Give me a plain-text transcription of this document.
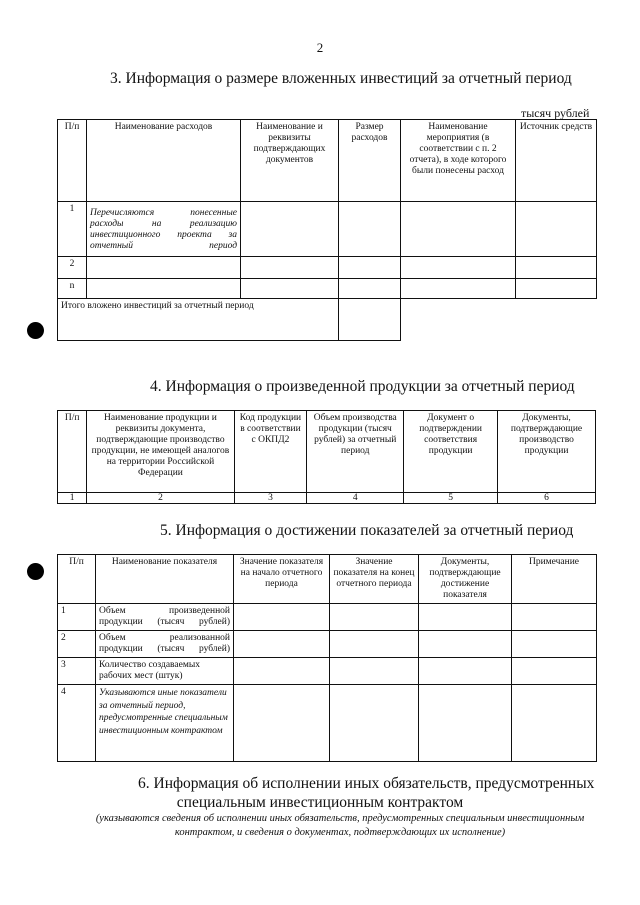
2
3. Информация о размере вложенных инвестиций за отчетный период
тысяч рублей
П/п	Наименование расходов	Наименование и реквизиты подтверждающих документов	Размер расходов	Наименование мероприятия (в соответствии с п. 2 отчета), в ходе которого были понесены расход	Источник средств
1	Перечисляются понесенные расходы на реализацию инвестиционного проекта за отчетный период				
2					
n					
Итого вложено инвестиций за отчетный период					
4. Информация о произведенной продукции за отчетный период
П/п	Наименование продукции и реквизиты документа, подтверждающие производство продукции, не имеющей аналогов на территории Российской Федерации	Код продукции в соответствии с ОКПД2	Объем производства продукции (тысяч рублей) за отчетный период	Документ о подтверждении соответствия продукции	Документы, подтверждающие производство продукции
1	2	3	4	5	6
5. Информация о достижении показателей за отчетный период
П/п	Наименование показателя	Значение показателя на начало отчетного периода	Значение показателя на конец отчетного периода	Документы, подтверждающие достижение показателя	Примечание
1	Объем произведенной продукции (тысяч рублей)				
2	Объем реализованной продукции (тысяч рублей)				
3	Количество создаваемых рабочих мест (штук)				
4	Указываются иные показатели за отчетный период, предусмотренные специальным инвестиционным контрактом				
6. Информация об исполнении иных обязательств, предусмотренных
специальным инвестиционным контрактом
(указываются сведения об исполнении иных обязательств, предусмотренных специальным инвестиционным контрактом, и сведения о документах, подтверждающих их исполнение)
